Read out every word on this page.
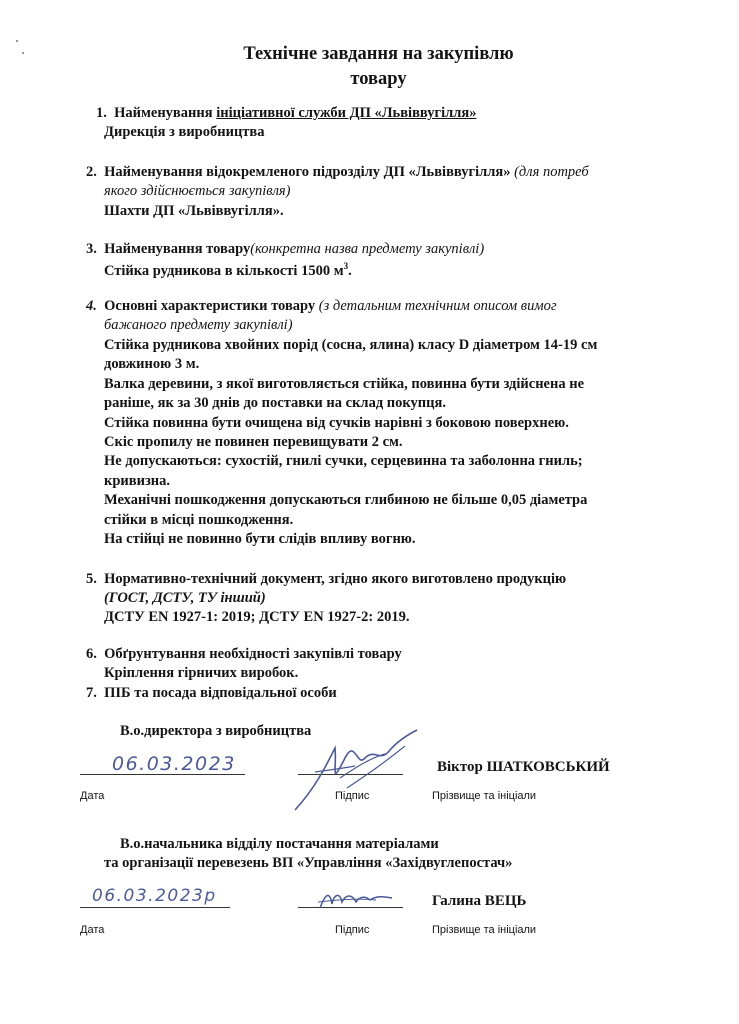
Технічне завдання на закупівлю
товару
1. Найменування ініціативної служби ДП «Львіввугілля»
Дирекція з виробництва
2. Найменування відокремленого підрозділу ДП «Львіввугілля» (для потреб
якого здійснюється закупівля)
Шахти ДП «Львіввугілля».
3. Найменування товару(конкретна назва предмету закупівлі)
Стійка рудникова в кількості 1500 $м^3$.
4. Основні характеристики товару (з детальним технічним описом вимог
бажаного предмету закупівлі)
Стійка рудникова хвойних порід (сосна, ялина) класу D діаметром 14-19 см
довжиною 3 м.
Валка деревини, з якої виготовляється стійка, повинна бути здійснена не
раніше, як за 30 днів до поставки на склад покупця.
Стійка повинна бути очищена від сучків нарівні з боковою поверхнею.
Скіс пропилу не повинен перевищувати 2 см.
Не допускаються: сухостій, гнилі сучки, серцевинна та заболонна гниль;
кривизна.
Механічні пошкодження допускаються глибиною не більше 0,05 діаметра
стійки в місці пошкодження.
На стійці не повинно бути слідів впливу вогню.
5. Нормативно-технічний документ, згідно якого виготовлено продукцію
(ГОСТ, ДСТУ, ТУ інший)
ДСТУ EN 1927-1: 2019; ДСТУ EN 1927-2: 2019.
6. Обґрунтування необхідності закупівлі товару
Кріплення гірничих виробок.
7. ПІБ та посада відповідальної особи
В.о.директора з виробництва
06.03.2023	Віктор ШАТКОВСЬКИЙ
Дата	Підпис	Прізвище та ініціали
В.о.начальника відділу постачання матеріалами
та організації перевезень ВП «Управління «Західвуглепостач»
06.03.2023р	Галина ВЕЦЬ
Дата	Підпис	Прізвище та ініціали
